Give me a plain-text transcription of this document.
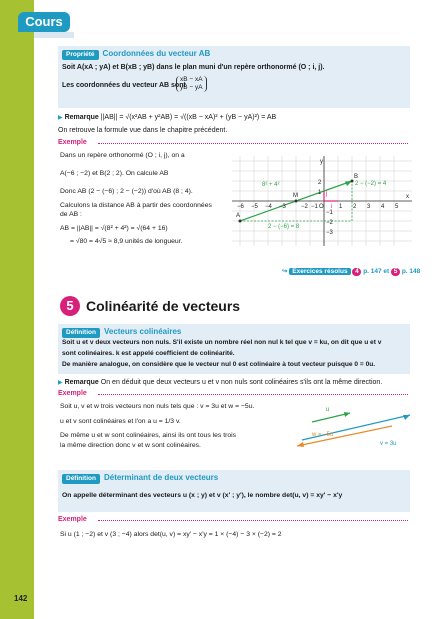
Cours
142
Propriété Coordonnées du vecteur AB
Soit A(xA ; yA) et B(xB ; yB) dans le plan muni d'un repère orthonormé (O ; i, j).
Les coordonnées du vecteur AB sont
xB − xA
yB − yA
▶ Remarque ||AB|| = √(x²AB + y²AB) = √((xB − xA)² + (yB − yA)²) = AB
On retrouve la formule vue dans le chapitre précédent.
Exemple
Dans un repère orthonormé (O ; i, j), on a
A(−6 ; −2) et B(2 ; 2). On calcule AB
Donc AB (2 − (−6) ; 2 − (−2)) d'où AB (8 ; 4).
Calculons la distance AB à partir des coordonnées
de AB :
AB = ||AB|| = √(8² + 4²) = √(64 + 16)
= √80 = 4√5 ≈ 8,9 unités de longueur.
y
x
B
A
M
O i
j
8² + 4²	2 − (−2) = 4
2 − (−6) = 8
−6 −5 −4 −3	−2 −1	1 2 3 4 5
2
1
−1
−2
−3
↪ Exercices résolus 4 p. 147 et 5 p. 148
5 Colinéarité de vecteurs
Définition Vecteurs colinéaires
Soit u et v deux vecteurs non nuls. S'il existe un nombre réel non nul k tel que v = ku, on dit que u et v
sont colinéaires. k est appelé coefficient de colinéarité.
De manière analogue, on considère que le vecteur nul 0 est colinéaire à tout vecteur puisque 0 = 0u.
▶ Remarque On en déduit que deux vecteurs u et v non nuls sont colinéaires s'ils ont la même direction.
Exemple
Soit u, v et w trois vecteurs non nuls tels que : v = 3u et w = −5u.
u et v sont colinéaires et l'on a u = 1/3 v.
De même u et w sont colinéaires, ainsi ils ont tous les trois
la même direction donc v et w sont colinéaires.
u
w = −5u
v = 3u
Définition Déterminant de deux vecteurs
On appelle déterminant des vecteurs u (x ; y) et v (x' ; y'), le nombre det(u, v) = xy' − x'y
Exemple
Si u (1 ; −2) et v (3 ; −4) alors det(u, v) = xy' − x'y = 1 × (−4) − 3 × (−2) = 2
